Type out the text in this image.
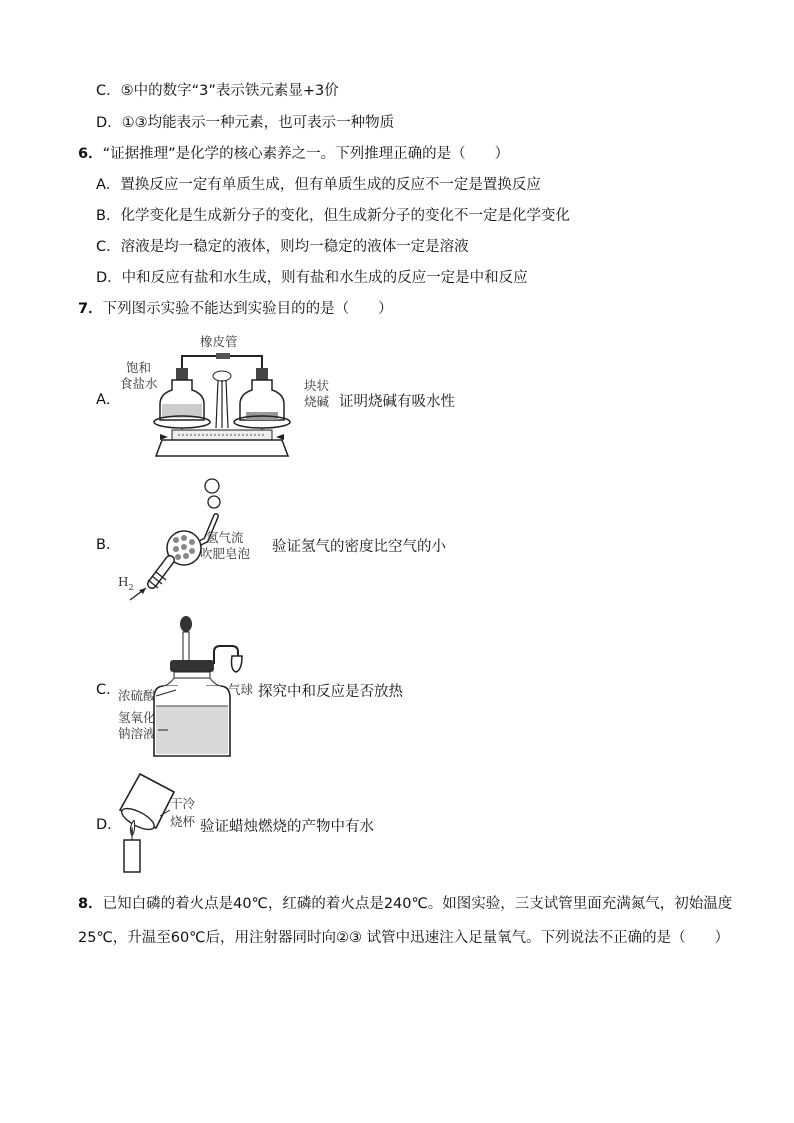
C．⑤中的数字“3”表示铁元素显+3价
D．①③均能表示一种元素，也可表示一种物质
6．“证据推理”是化学的核心素养之一。下列推理正确的是（　　）
A．置换反应一定有单质生成，但有单质生成的反应不一定是置换反应
B．化学变化是生成新分子的变化，但生成新分子的变化不一定是化学变化
C．溶液是均一稳定的液体，则均一稳定的液体一定是溶液
D．中和反应有盐和水生成，则有盐和水生成的反应一定是中和反应
7．下列图示实验不能达到实验目的的是（　　）
A．
橡皮管
饱和
食盐水	块状
烧碱 证明烧碱有吸水性
B．
$H_2$
氢气流
吹肥皂泡 验证氢气的密度比空气的小
C．
浓硫酸	气球
氢氧化
钠溶液
探究中和反应是否放热
D．
干冷
烧杯 验证蜡烛燃烧的产物中有水
8．已知白磷的着火点是40℃，红磷的着火点是240℃。如图实验，三支试管里面充满氮气，初始温度
25℃，升温至60℃后，用注射器同时向②③ 试管中迅速注入足量氧气。下列说法不正确的是（　　）
